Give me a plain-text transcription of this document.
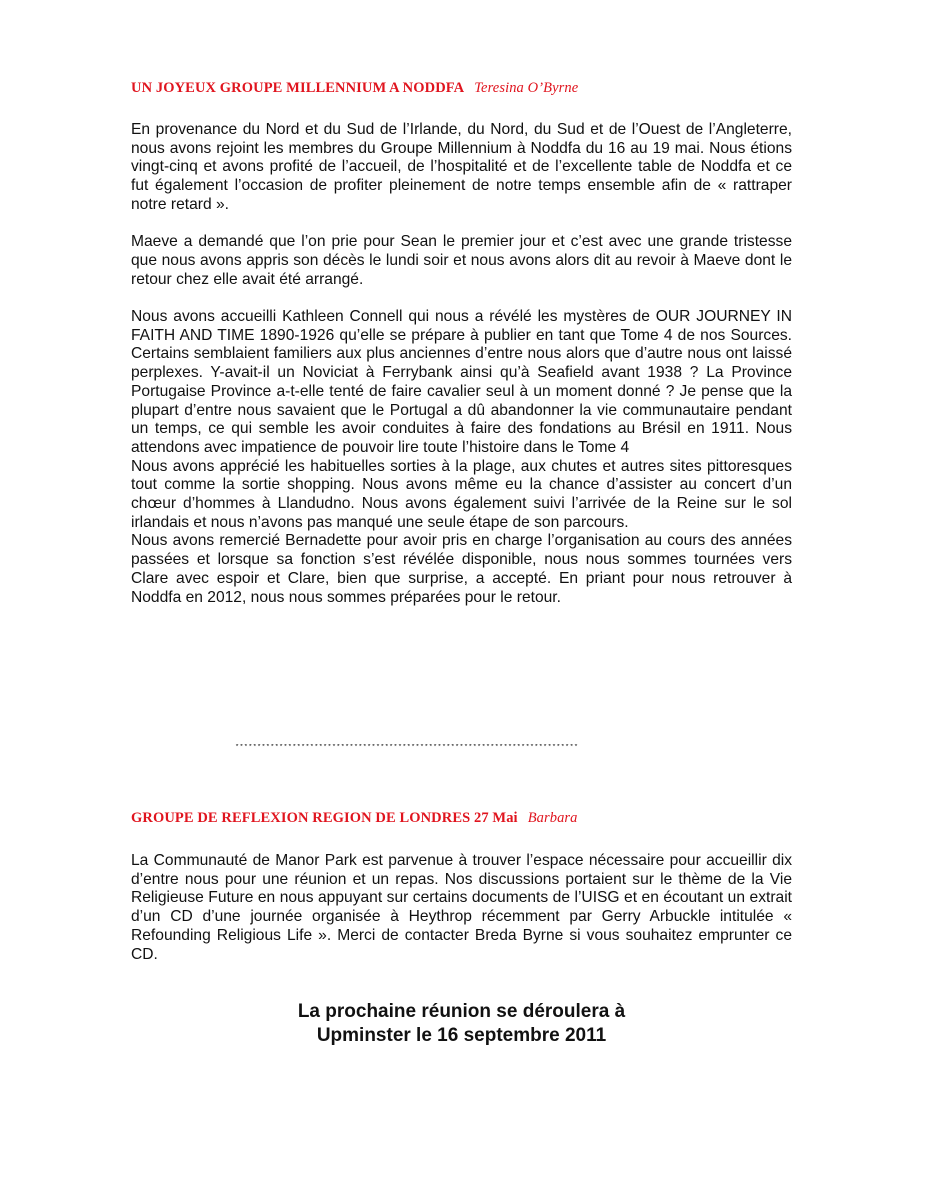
UN JOYEUX GROUPE MILLENNIUM A NODDFA Teresina O’Byrne

En provenance du Nord et du Sud de l’Irlande, du Nord, du Sud et de l’Ouest de l’Angleterre, nous avons rejoint les membres du Groupe Millennium à Noddfa du 16 au 19 mai. Nous étions vingt-cinq et avons profité de l’accueil, de l’hospitalité et de l’excellente table de Noddfa et ce fut également l’occasion de profiter pleinement de notre temps ensemble afin de « rattraper notre retard ».

Maeve a demandé que l’on prie pour Sean le premier jour et c’est avec une grande tristesse que nous avons appris son décès le lundi soir et nous avons alors dit au revoir à Maeve dont le retour chez elle avait été arrangé.

Nous avons accueilli Kathleen Connell qui nous a révélé les mystères de OUR JOURNEY IN FAITH AND TIME 1890-1926 qu’elle se prépare à publier en tant que Tome 4 de nos Sources. Certains semblaient familiers aux plus anciennes d’entre nous alors que d’autre nous ont laissé perplexes. Y-avait-il un Noviciat à Ferrybank ainsi qu’à Seafield avant 1938 ? La Province Portugaise Province a-t-elle tenté de faire cavalier seul à un moment donné ? Je pense que la plupart d’entre nous savaient que le Portugal a dû abandonner la vie communautaire pendant un temps, ce qui semble les avoir conduites à faire des fondations au Brésil en 1911. Nous attendons avec impatience de pouvoir lire toute l’histoire dans le Tome 4

Nous avons apprécié les habituelles sorties à la plage, aux chutes et autres sites pittoresques tout comme la sortie shopping. Nous avons même eu la chance d’assister au concert d’un chœur d’hommes à Llandudno. Nous avons également suivi l’arrivée de la Reine sur le sol irlandais et nous n’avons pas manqué une seule étape de son parcours.

Nous avons remercié Bernadette pour avoir pris en charge l’organisation au cours des années passées et lorsque sa fonction s’est révélée disponible, nous nous sommes tournées vers Clare avec espoir et Clare, bien que surprise, a accepté. En priant pour nous retrouver à Noddfa en 2012, nous nous sommes préparées pour le retour.

******************************************************************************
GROUPE DE REFLEXION REGION DE LONDRES 27 Mai Barbara

La Communauté de Manor Park est parvenue à trouver l’espace nécessaire pour accueillir dix d’entre nous pour une réunion et un repas. Nos discussions portaient sur le thème de la Vie Religieuse Future en nous appuyant sur certains documents de l’UISG et en écoutant un extrait d’un CD d’une journée organisée à Heythrop récemment par Gerry Arbuckle intitulée « Refounding Religious Life ». Merci de contacter Breda Byrne si vous souhaitez emprunter ce CD.

La prochaine réunion se déroulera à
Upminster le 16 septembre 2011
